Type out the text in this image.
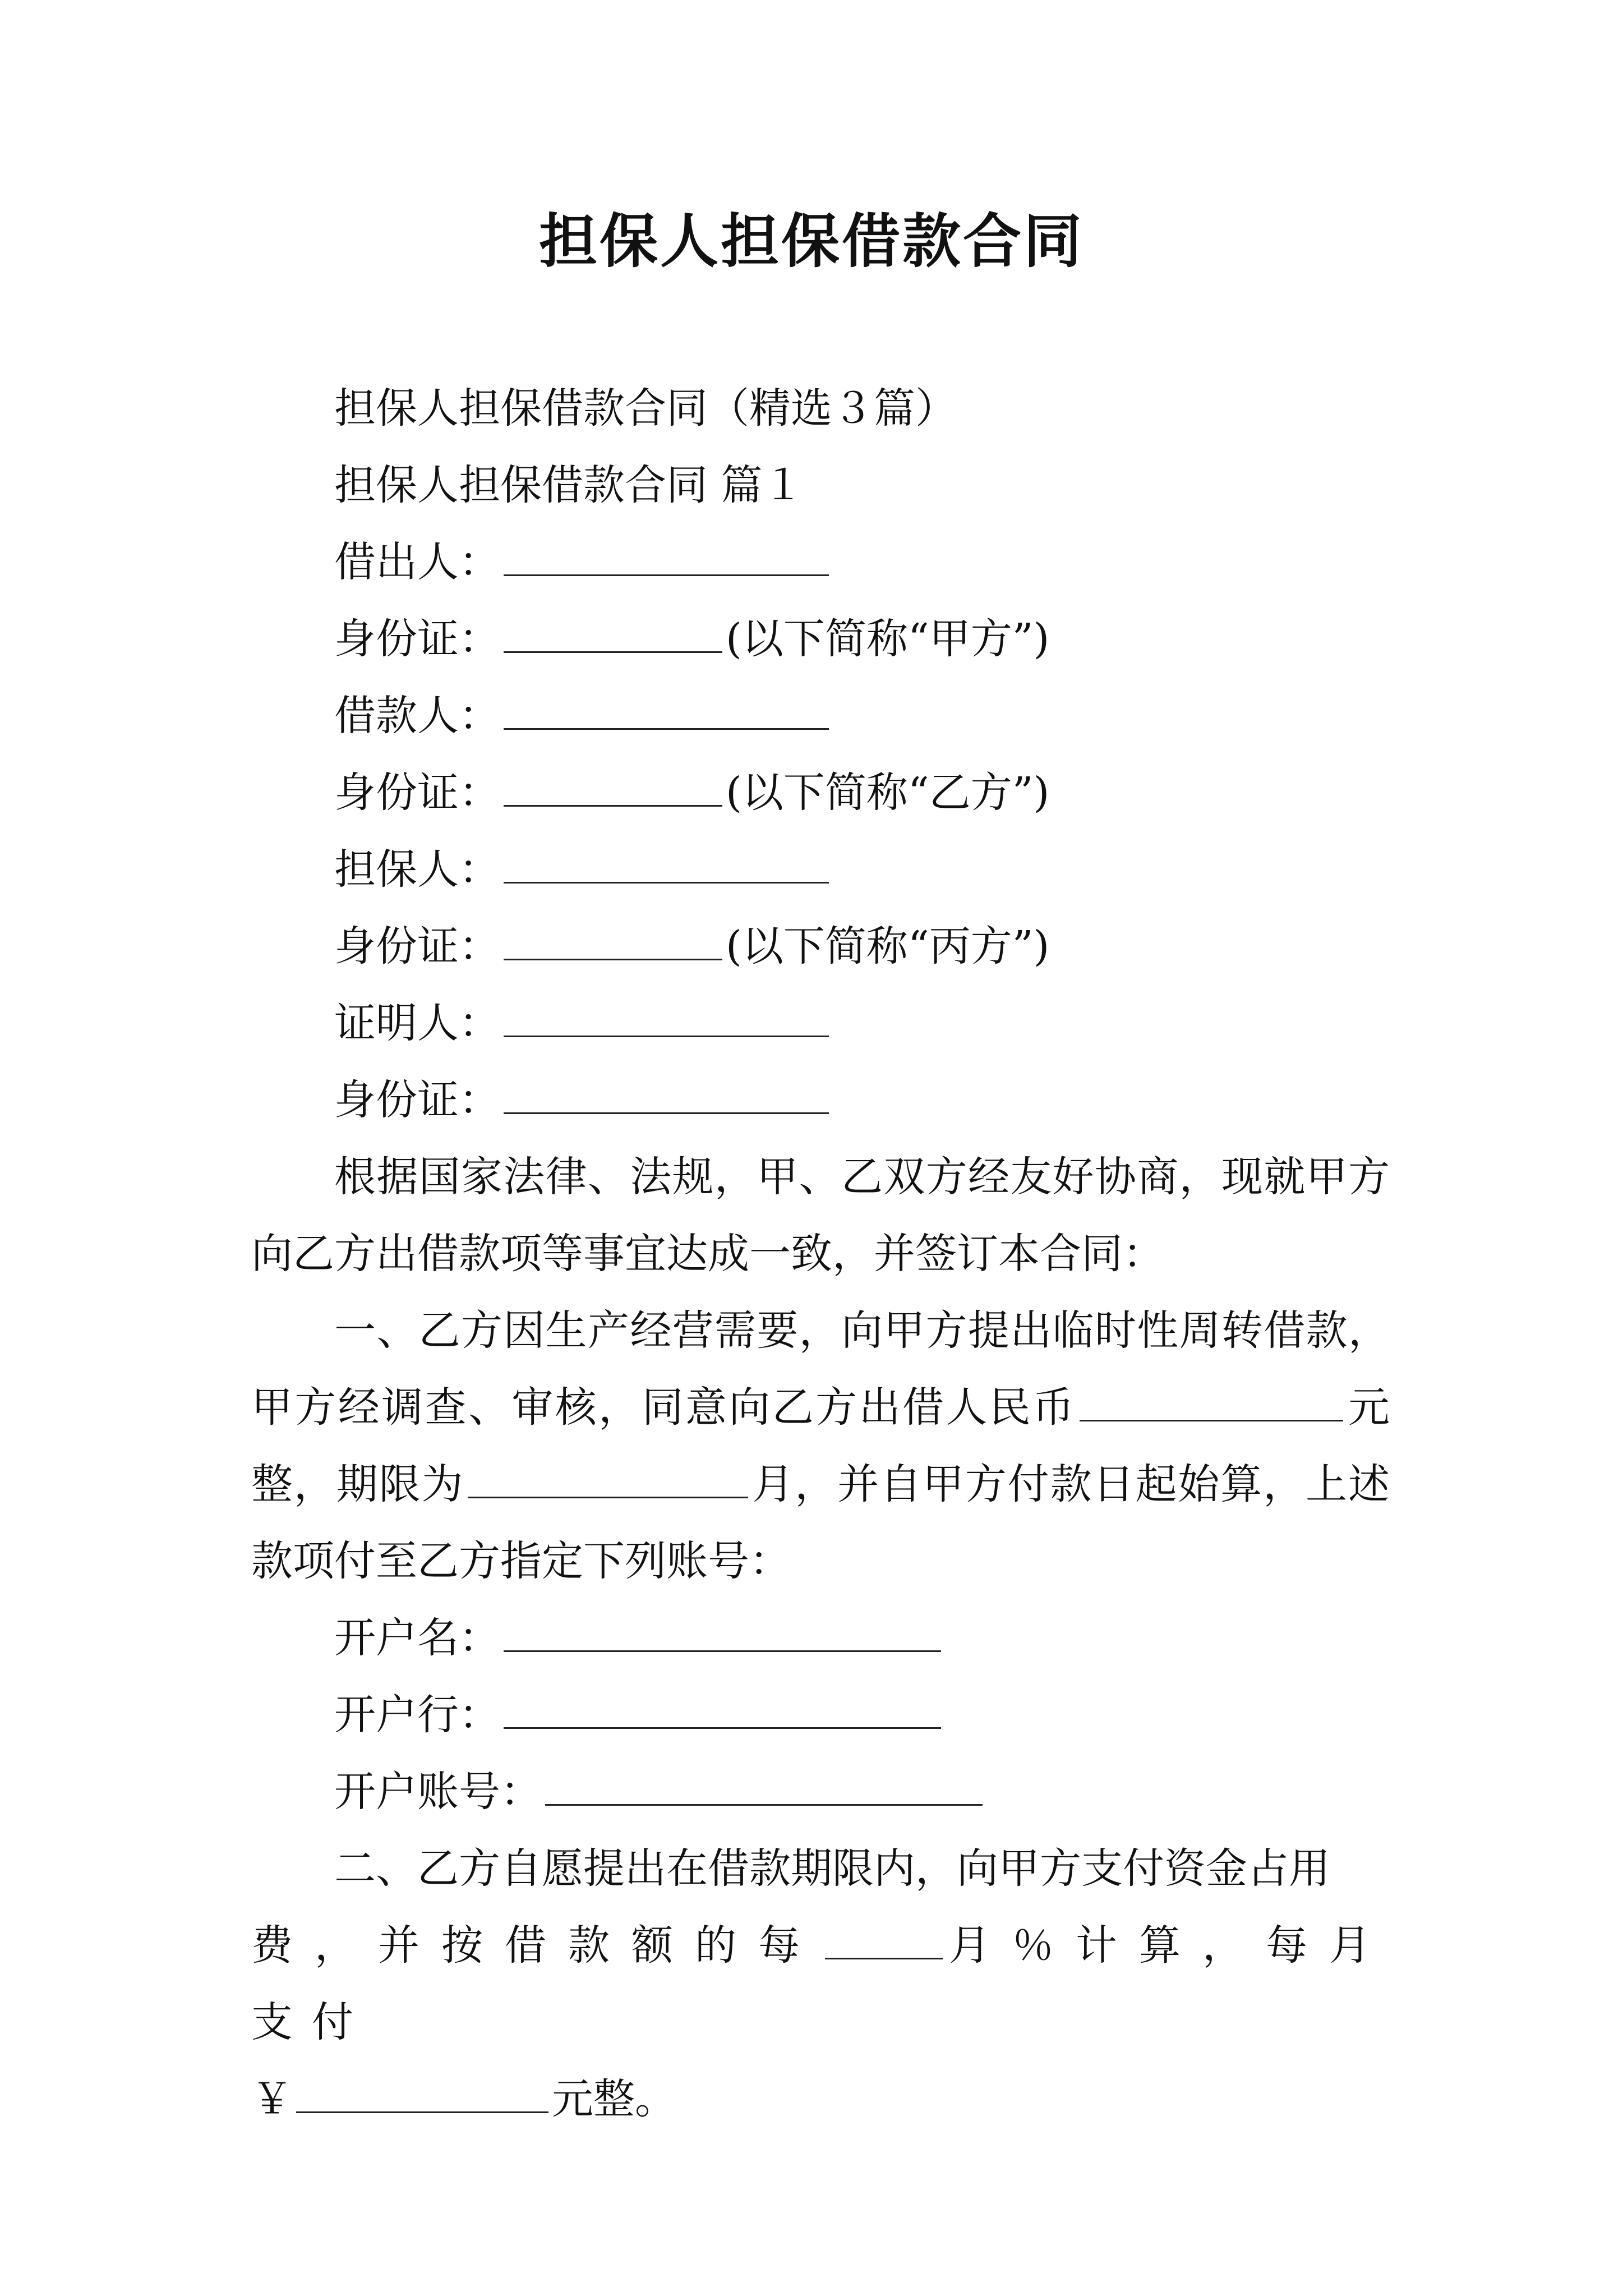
担保人担保借款合同

担保人担保借款合同（精选３篇）

担保人担保借款合同 篇１

借出人：

身份证：	(以下简称“甲方”)

借款人：

身份证：	(以下简称“乙方”)

担保人：

身份证：	(以下简称“丙方”)

证明人：

身份证：

根据国家法律、法规，甲、乙双方经友好协商，现就甲方向乙方出借款项等事宜达成一致，并签订本合同：

一、乙方因生产经营需要，向甲方提出临时性周转借款，甲方经调查、审核，同意向乙方出借人民币	元整，期限为	月，并自甲方付款日起始算，上述款项付至乙方指定下列账号：

开户名：

开户行：

开户账号：

二、乙方自愿提出在借款期限内，向甲方支付资金占用

费，并按借款额的每	月％计算，每月支付

￥	元整。
